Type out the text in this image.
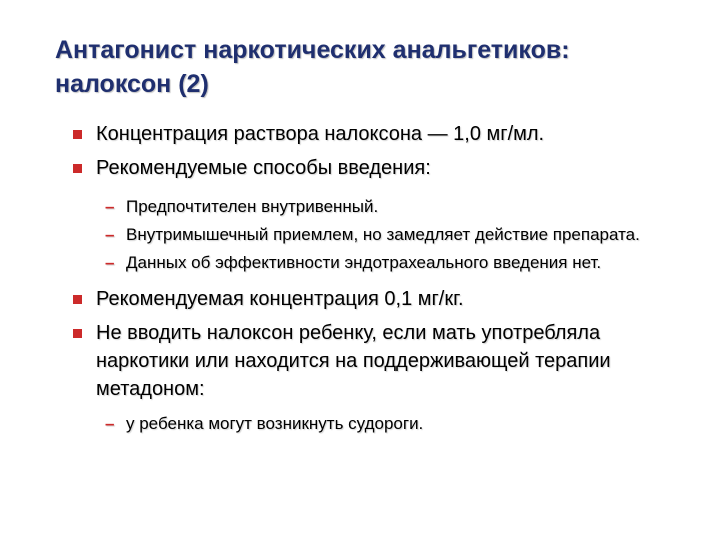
Антагонист наркотических анальгетиков:
налоксон (2)
Концентрация раствора налоксона — 1,0 мг/мл.
Рекомендуемые способы введения:
– Предпочтителен внутривенный.
– Внутримышечный приемлем, но замедляет действие препарата.
– Данных об эффективности эндотрахеального введения нет.
Рекомендуемая концентрация 0,1 мг/кг.
Не вводить налоксон ребенку, если мать употребляла наркотики или находится на поддерживающей терапии метадоном:
– у ребенка могут возникнуть судороги.
